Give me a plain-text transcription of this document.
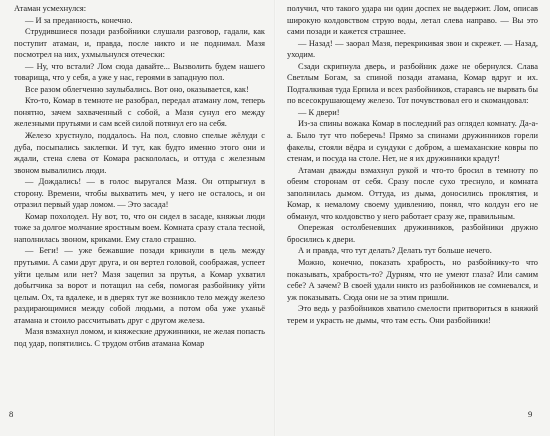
Атаман усмехнулся:

— И за преданность, конечно.

Струдившиеся позади разбойники слушали разговор, гадали, как поступит атаман, и, правда, после никто и не поднимал. Мазя посмотрел на них, ухмыльнулся отечески:

— Ну, что встали? Лом сюда давайте... Вызволить будем нашего товарища, что у себя, а уже у нас, героями в западную пол.

Все разом облегченно заулыбались. Вот оно, оказывается, как!

Кто-то, Комар в темноте не разобрал, передал атаману лом, теперь понятно, зачем захваченный с собой, а Мазя сунул его между железными прутьями и сам всей силой потянул его на себя.

Железо хрустнуло, поддалось. На пол, словно спелые жёлуди с дуба, посыпались заклепки. И тут, как будто именно этого они и ждали, стена слева от Комара раскололась, и оттуда с железным звоном вывалились люди.

— Дождались! — в голос выругался Мазя. Он отпрыгнул в сторону. Времени, чтобы выхватить меч, у него не осталось, и он отразил первый удар ломом. — Это засада!

Комар похолодел. Ну вот, то, что он сидел в засаде, княжьи люди тоже за долгое молчание яростным воем. Комната сразу стала тесной, наполнилась звоном, криками. Ему стало страшно.

— Беги! — уже бежавшие позади крикнули в цель между прутьями. А сами друг друга, и он вертел головой, соображая, успеет уйти целым или нет? Мазя зацепил за прутья, а Комар ухватил добытчика за ворот и потащил на себя, помогая разбойнику уйти целым. Ох, та вдалеке, и в дверях тут же возникло тело между железо раздирающимися между собой людьми, а потом оба уже уханьё атамана и стоило рассчитывать друг с другом железа.

Мазя взмахнул ломом, и княжеские дружинники, не желая попасть под удар, попятились. С трудом отбив атамана Комар

8

получил, что такого удара ни один доспех не выдержит. Лом, описав широкую колдовством струю воды, летал слева направо. — Вы это сами позади и кажется страшнее.

— Назад! — заорал Мазя, перекрикивая звон и скрежет. — Назад, уходим.

Сзади скрипнула дверь, и разбойник даже не обернулся. Слава Светлым Богам, за спиной позади атамана, Комар вдруг и их. Подталкивая туда Ерпила и всех разбойников, стараясь не вырвать бы по всесокрушающему железо. Тот почувствовал его и скомандовал:

— К двери!

Из-за спины вожака Комар в последний раз оглядел комнату. Да-а-а. Было тут что поберечь! Прямо за спинами дружинников горели факелы, стояли вёдра и сундуки с добром, а шемаханские ковры по стенам, и посуда на столе. Нет, не я их дружинники крадут!

Атаман дважды взмахнул рукой и что-то бросил в темноту по обеим сторонам от себя. Сразу после сухо треснуло, и комната заполнилась дымом. Оттуда, из дыма, доносились проклятия, и Комар, к немалому своему удивлению, понял, что колдун его не обманул, что колдовство у него работает сразу же, правильным.

Опережая остолбеневших дружинников, разбойники дружно бросились к двери.

А и правда, что тут делать? Делать тут больше нечего.

Можно, конечно, показать храбрость, но разбойнику-то что показывать, храбрость-то? Дурням, что не умеют глаза? Или самим себе? А зачем? В своей удали никто из разбойников не сомневался, и уж показывать. Сюда они не за этим пришли.

Это ведь у разбойников хватило смелости притвориться в княжий терем и украсть не дымы, что там есть. Они разбойники!

9
